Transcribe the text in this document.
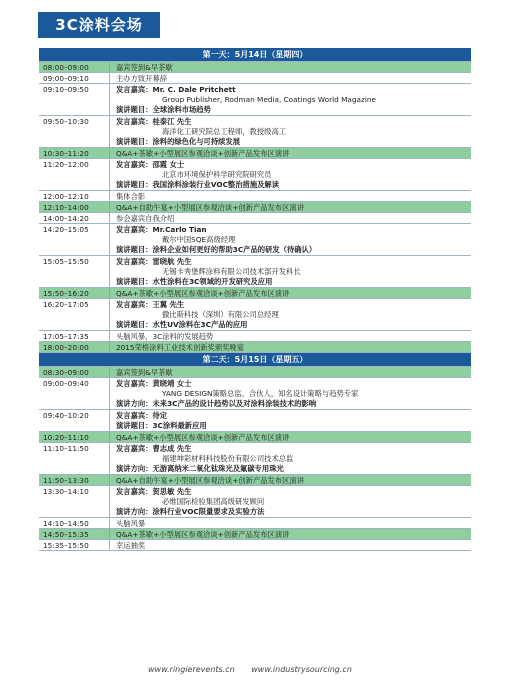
3C涂料会场
第一天：5月14日（星期四）
08:00–09:00	嘉宾签到&早茶歇
09:00–09:10	主办方致开幕辞
09:10–09:50	发言嘉宾：Mr. C. Dale Pritchett
Group Publisher, Rodman Media, Coatings World Magazine
演讲题目：全球涂料市场趋势
09:50–10:30	发言嘉宾：桂泰江 先生
海洋化工研究院总工程师，教授级高工
演讲题目：涂料的绿色化与可持续发展
10:30–11:20	Q&A+茶歇+小型展区参观洽谈+创新产品发布区演讲
11:20–12:00	发言嘉宾：邵霞 女士
北京市环境保护科学研究院研究员
演讲题目：我国涂料涂装行业VOC整治措施及解读
12:00–12:10	集体合影
12:10–14:00	Q&A+自助午宴+小型展区参观洽谈+创新产品发布区演讲
14:00–14:20	参会嘉宾自我介绍
14:20–15:05	发言嘉宾：Mr.Carlo Tian
戴尔中国SQE高级经理
演讲题目：涂料企业如何更好的帮助3C产品的研发（待确认）
15:05–15:50	发言嘉宾：雷晓航 先生
无锡卡秀堡辉涂料有限公司技术部开发科长
演讲题目：水性涂料在3C领域的开发研究及应用
15:50–16:20	Q&A+茶歇+小型展区参观洽谈+创新产品发布区演讲
16:20–17:05	发言嘉宾：王翼 先生
撒比斯科技（深圳）有限公司总经理
演讲题目：水性UV涂料在3C产品的应用
17:05–17:35	头脑风暴，3C涂料的发展趋势
18:00–20:00	2015荣格涂料工业技术创新奖颁奖晚宴
第二天：5月15日（星期五）
08:30–09:00	嘉宾签到&早茶歇
09:00–09:40	发言嘉宾：黄晓靖 女士
YANG DESIGN策略总监、合伙人，知名设计策略与趋势专家
演讲方向：未来3C产品的设计趋势以及对涂料涂装技术的影响
09:40–10:20	发言嘉宾：待定
演讲题目：3C涂料最新应用
10:20–11:10	Q&A+茶歇+小型展区参观洽谈+创新产品发布区演讲
11:10–11:50	发言嘉宾：曹志成 先生
福建坤彩材料科技股份有限公司技术总监
演讲方向：无游离纳米二氧化钛珠光及氟碳专用珠光
11:50–13:30	Q&A+自助午宴+小型展区参观洽谈+创新产品发布区演讲
13:30–14:10	发言嘉宾：贺思敏 先生
必维国际检验集团高级研发顾问
演讲方向：涂料行业VOC限量要求及实验方法
14:10–14:50	头脑风暴
14:50–15:35	Q&A+茶歇+小型展区参观洽谈+创新产品发布区演讲
15:35–15:50	幸运抽奖
www.ringierevents.cn www.industrysourcing.cn
